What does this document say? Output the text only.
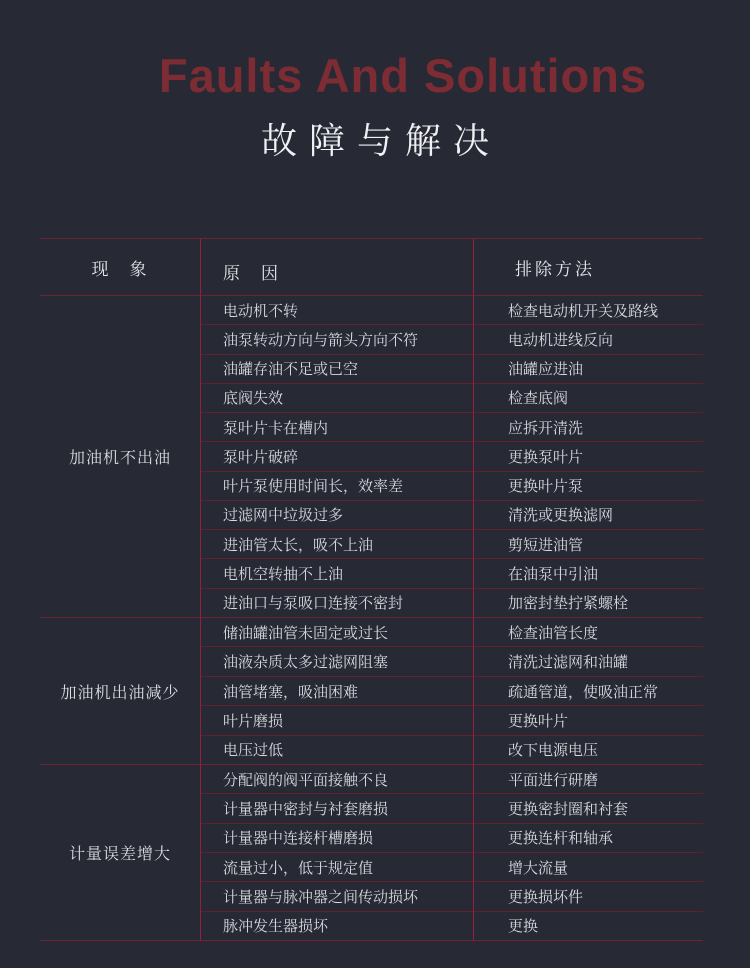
Faults And Solutions
故障与解决
现　象	原　因	排除方法
加油机不出油
电动机不转	检查电动机开关及路线
油泵转动方向与箭头方向不符	电动机进线反向
油罐存油不足或已空	油罐应进油
底阀失效	检查底阀
泵叶片卡在槽内	应拆开清洗
泵叶片破碎	更换泵叶片
叶片泵使用时间长，效率差	更换叶片泵
过滤网中垃圾过多	清洗或更换滤网
进油管太长，吸不上油	剪短进油管
电机空转抽不上油	在油泵中引油
进油口与泵吸口连接不密封	加密封垫拧紧螺栓
加油机出油减少
储油罐油管未固定或过长	检查油管长度
油液杂质太多过滤网阻塞	清洗过滤网和油罐
油管堵塞，吸油困难	疏通管道，使吸油正常
叶片磨损	更换叶片
电压过低	改下电源电压
计量误差增大
分配阀的阀平面接触不良	平面进行研磨
计量器中密封与衬套磨损	更换密封圈和衬套
计量器中连接杆槽磨损	更换连杆和轴承
流量过小，低于规定值	增大流量
计量器与脉冲器之间传动损坏	更换损坏件
脉冲发生器损坏	更换
